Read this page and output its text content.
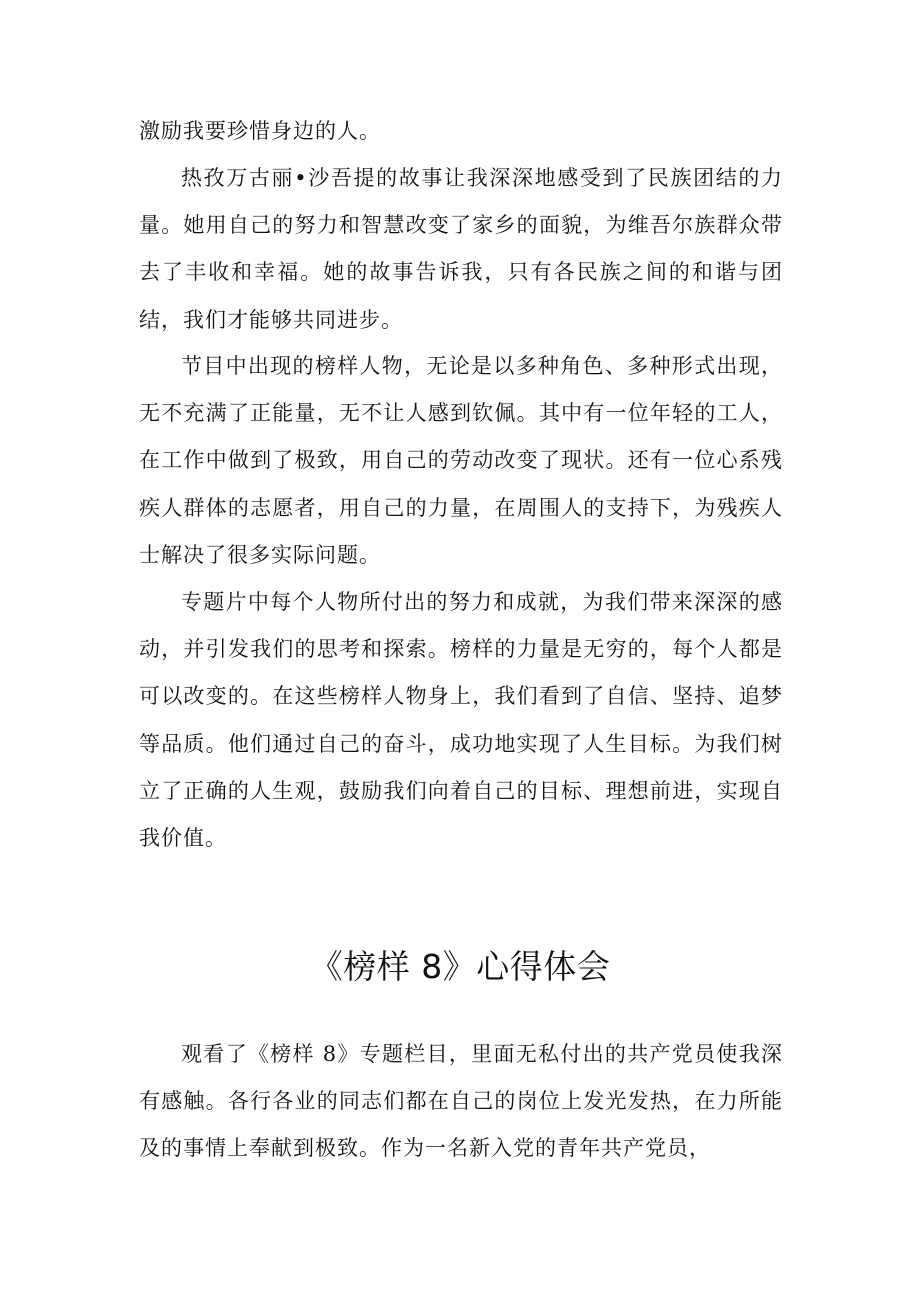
激励我要珍惜身边的人。

热孜万古丽•沙吾提的故事让我深深地感受到了民族团结的力量。她用自己的努力和智慧改变了家乡的面貌，为维吾尔族群众带去了丰收和幸福。她的故事告诉我，只有各民族之间的和谐与团结，我们才能够共同进步。

节目中出现的榜样人物，无论是以多种角色、多种形式出现，无不充满了正能量，无不让人感到钦佩。其中有一位年轻的工人，在工作中做到了极致，用自己的劳动改变了现状。还有一位心系残疾人群体的志愿者，用自己的力量，在周围人的支持下，为残疾人士解决了很多实际问题。

专题片中每个人物所付出的努力和成就，为我们带来深深的感动，并引发我们的思考和探索。榜样的力量是无穷的，每个人都是可以改变的。在这些榜样人物身上，我们看到了自信、坚持、追梦等品质。他们通过自己的奋斗，成功地实现了人生目标。为我们树立了正确的人生观，鼓励我们向着自己的目标、理想前进，实现自我价值。

《榜样 8》心得体会

观看了《榜样 8》专题栏目，里面无私付出的共产党员使我深有感触。各行各业的同志们都在自己的岗位上发光发热，在力所能及的事情上奉献到极致。作为一名新入党的青年共产党员，
